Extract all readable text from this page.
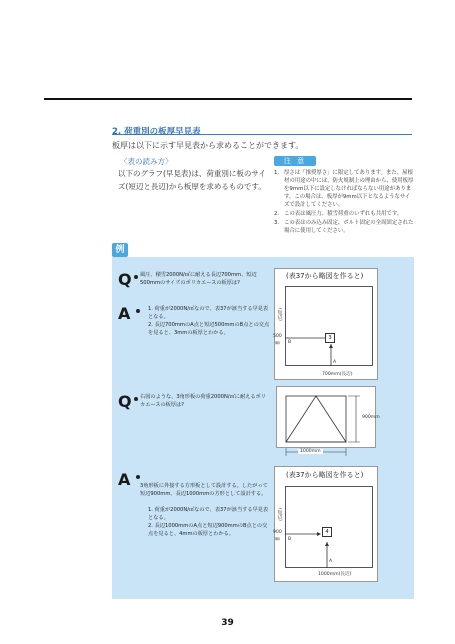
2. 荷重別の板厚早見表
板厚は以下に示す早見表から求めることができます。
〈表の読み方〉
以下のグラフ(早見表)は、荷重別に板のサイズ(短辺と長辺)から板厚を求めるものです。
注 意
1. 厚さは「推奨厚さ」に限定してあります。また、屋根材の用途の中には、防火規制上の理由から、使用板厚を9mm以下に設定しなければならない用途があります。この場合は、板厚が9mm以下となるようなサイズで設計してください。
2. この表は風圧力、積雪荷重のいずれも共用です。
3. この表はのみ込み固定、ボルト固定の全周固定された場合に使用してください。
例
Q 風圧、積雪2000N/㎡に耐える長辺700mm、短辺500mmのサイズのポリカエースの板厚は?
A	1. 荷重が2000N/㎡なので、表37が該当する早見表となる。
2. 長辺700mmのA点と短辺500mmのB点との交点を見ると、3mmの板厚とわかる。
(表37から略図を作ると)
(短辺)
500
㎜ B
3
A
700mm(長辺)
Q 右図のような、3角形板の荷重2000N/㎡に耐えるポリカエースの板厚は?
900mm
1000mm
A 3角形板に外接する方形板として設計する。したがって短辺900mm、長辺1000mmの方形として設計する。
1. 荷重が2000N/㎡なので、表37が該当する早見表となる。
2. 長辺1000mmのA点と短辺900mmのB点との交点を見ると、4mmの板厚とわかる。
(表37から略図を作ると)
(短辺)
900
㎜ B
4
A
1000mm(長辺)
39
